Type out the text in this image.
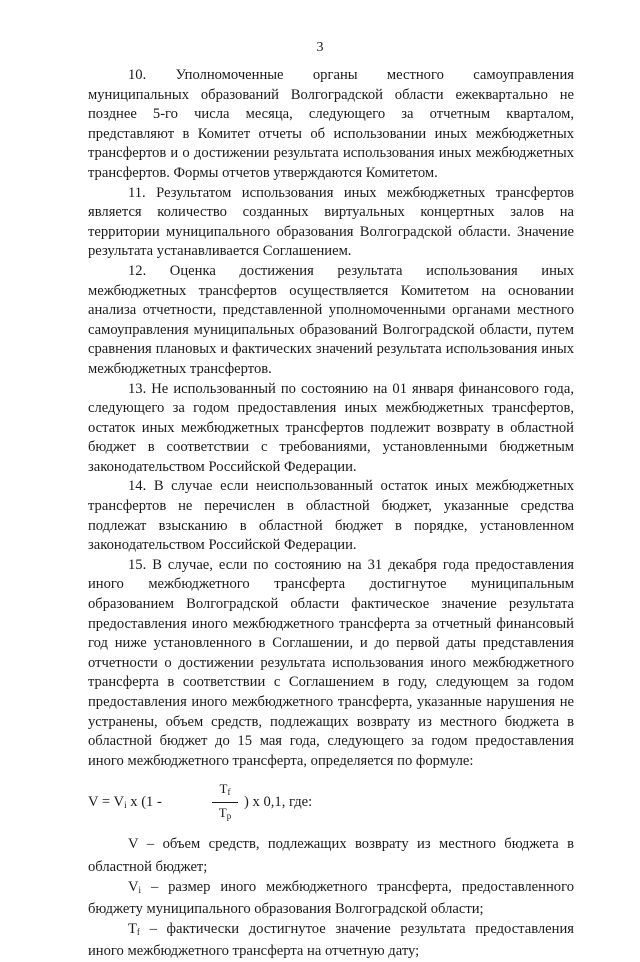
3

10. Уполномоченные органы местного самоуправления муниципальных образований Волгоградской области ежеквартально не позднее 5-го числа месяца, следующего за отчетным кварталом, представляют в Комитет отчеты об использовании иных межбюджетных трансфертов и о достижении результата использования иных межбюджетных трансфертов. Формы отчетов утверждаются Комитетом.

11. Результатом использования иных межбюджетных трансфертов является количество созданных виртуальных концертных залов на территории муниципального образования Волгоградской области. Значение результата устанавливается Соглашением.

12. Оценка достижения результата использования иных межбюджетных трансфертов осуществляется Комитетом на основании анализа отчетности, представленной уполномоченными органами местного самоуправления муниципальных образований Волгоградской области, путем сравнения плановых и фактических значений результата использования иных межбюджетных трансфертов.

13. Не использованный по состоянию на 01 января финансового года, следующего за годом предоставления иных межбюджетных трансфертов, остаток иных межбюджетных трансфертов подлежит возврату в областной бюджет в соответствии с требованиями, установленными бюджетным законодательством Российской Федерации.

14. В случае если неиспользованный остаток иных межбюджетных трансфертов не перечислен в областной бюджет, указанные средства подлежат взысканию в областной бюджет в порядке, установленном законодательством Российской Федерации.

15. В случае, если по состоянию на 31 декабря года предоставления иного межбюджетного трансферта достигнутое муниципальным образованием Волгоградской области фактическое значение результата предоставления иного межбюджетного трансферта за отчетный финансовый год ниже установленного в Соглашении, и до первой даты представления отчетности о достижении результата использования иного межбюджетного трансферта в соответствии с Соглашением в году, следующем за годом предоставления иного межбюджетного трансферта, указанные нарушения не устранены, объем средств, подлежащих возврату из местного бюджета в областной бюджет до 15 мая года, следующего за годом предоставления иного межбюджетного трансферта, определяется по формуле:

$V = V_i$ x (1 -
$T_f$
$T_p$
) x 0,1, где:

V – объем средств, подлежащих возврату из местного бюджета в областной бюджет;

$V_i$ – размер иного межбюджетного трансферта, предоставленного бюджету муниципального образования Волгоградской области;

$T_f$ – фактически достигнутое значение результата предоставления иного межбюджетного трансферта на отчетную дату;
